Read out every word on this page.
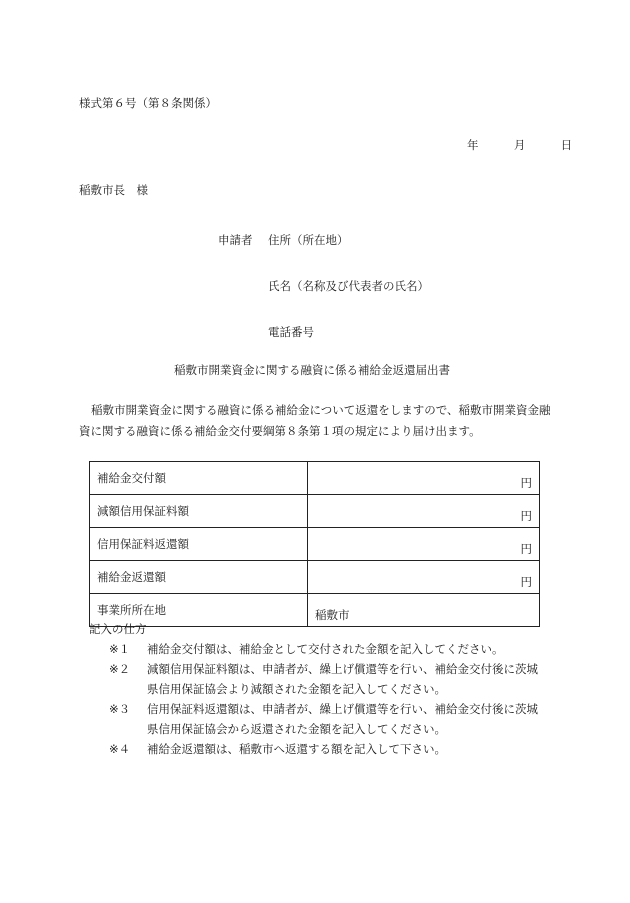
様式第６号（第８条関係）
年	月	日
稲敷市長　様
申請者 住所（所在地）
氏名（名称及び代表者の氏名）
電話番号
稲敷市開業資金に関する融資に係る補給金返還届出書
稲敷市開業資金に関する融資に係る補給金について返還をしますので、稲敷市開業資金融資に関する融資に係る補給金交付要綱第８条第１項の規定により届け出ます。
補給金交付額	円
減額信用保証料額	円
信用保証料返還額	円
補給金返還額	円
事業所所在地	稲敷市
記入の仕方
※１	補給金交付額は、補給金として交付された金額を記入してください。
※２	減額信用保証料額は、申請者が、繰上げ償還等を行い、補給金交付後に茨城県信用保証協会より減額された金額を記入してください。
※３	信用保証料返還額は、申請者が、繰上げ償還等を行い、補給金交付後に茨城県信用保証協会から返還された金額を記入してください。
※４	補給金返還額は、稲敷市へ返還する額を記入して下さい。
